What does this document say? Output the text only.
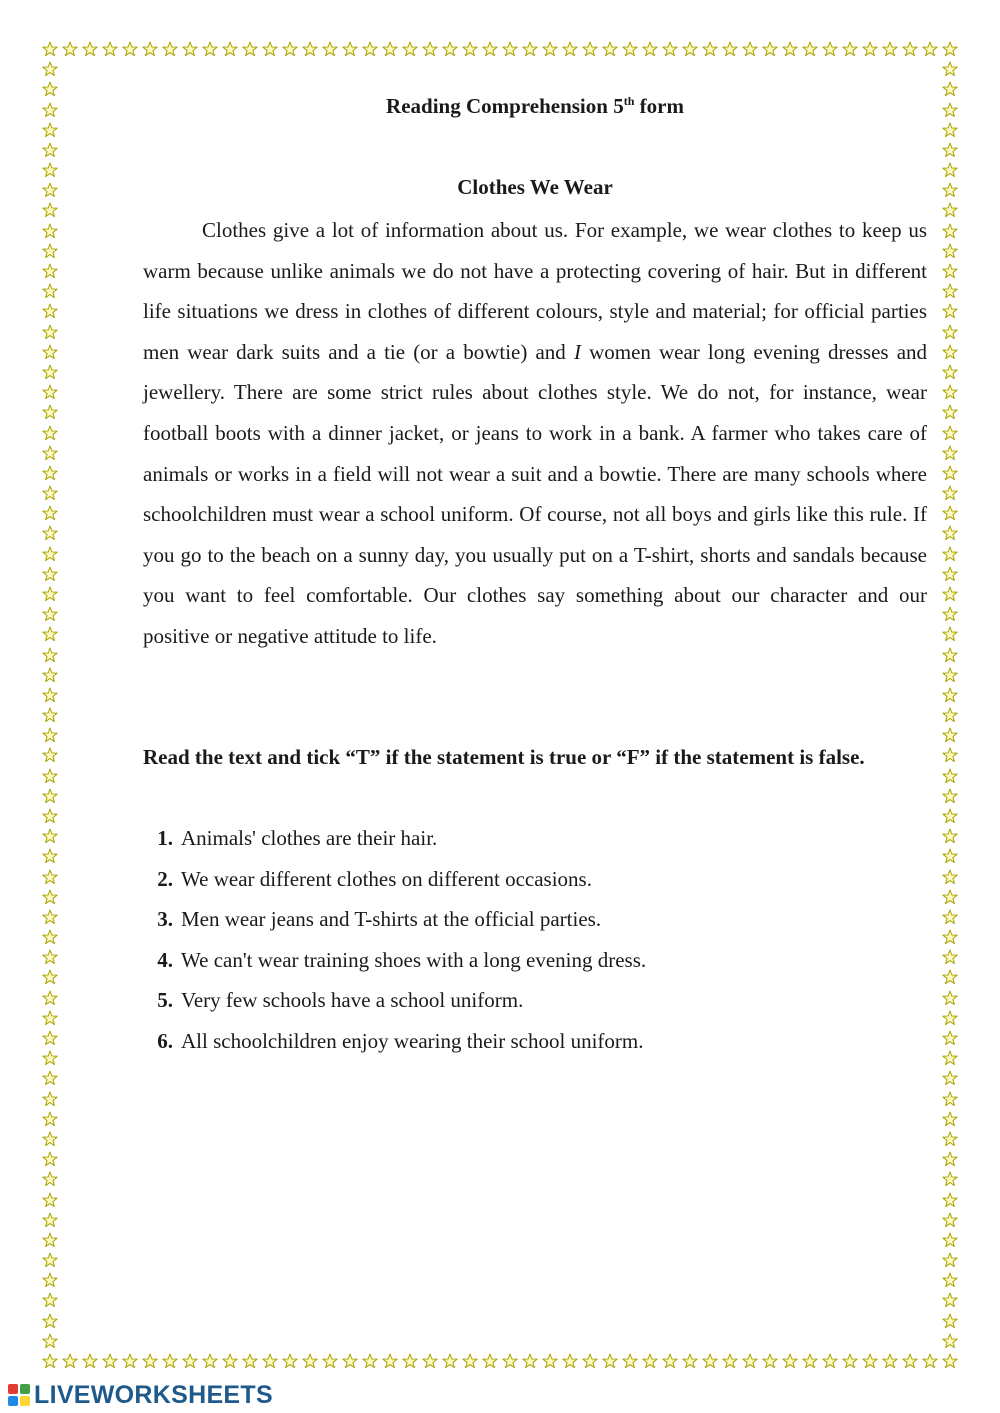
Reading Comprehension 5th form
Clothes We Wear

Clothes give a lot of information about us. For example, we wear clothes to keep us warm because unlike animals we do not have a protecting covering of hair. But in different life situations we dress in clothes of different colours, style and material; for official parties men wear dark suits and a tie (or a bowtie) and I women wear long evening dresses and jewellery. There are some strict rules about clothes style. We do not, for instance, wear football boots with a dinner jacket, or jeans to work in a bank. A farmer who takes care of animals or works in a field will not wear a suit and a bowtie. There are many schools where schoolchildren must wear a school uniform. Of course, not all boys and girls like this rule. If you go to the beach on a sunny day, you usually put on a T-shirt, shorts and sandals because you want to feel comfortable. Our clothes say something about our character and our positive or negative attitude to life.

Read the text and tick “T” if the statement is true or “F” if the statement is false.

1. Animals' clothes are their hair.
2. We wear different clothes on different occasions.
3. Men wear jeans and T-shirts at the official parties.
4. We can't wear training shoes with a long evening dress.
5. Very few schools have a school uniform.
6. All schoolchildren enjoy wearing their school uniform.
LIVEWORKSHEETS
